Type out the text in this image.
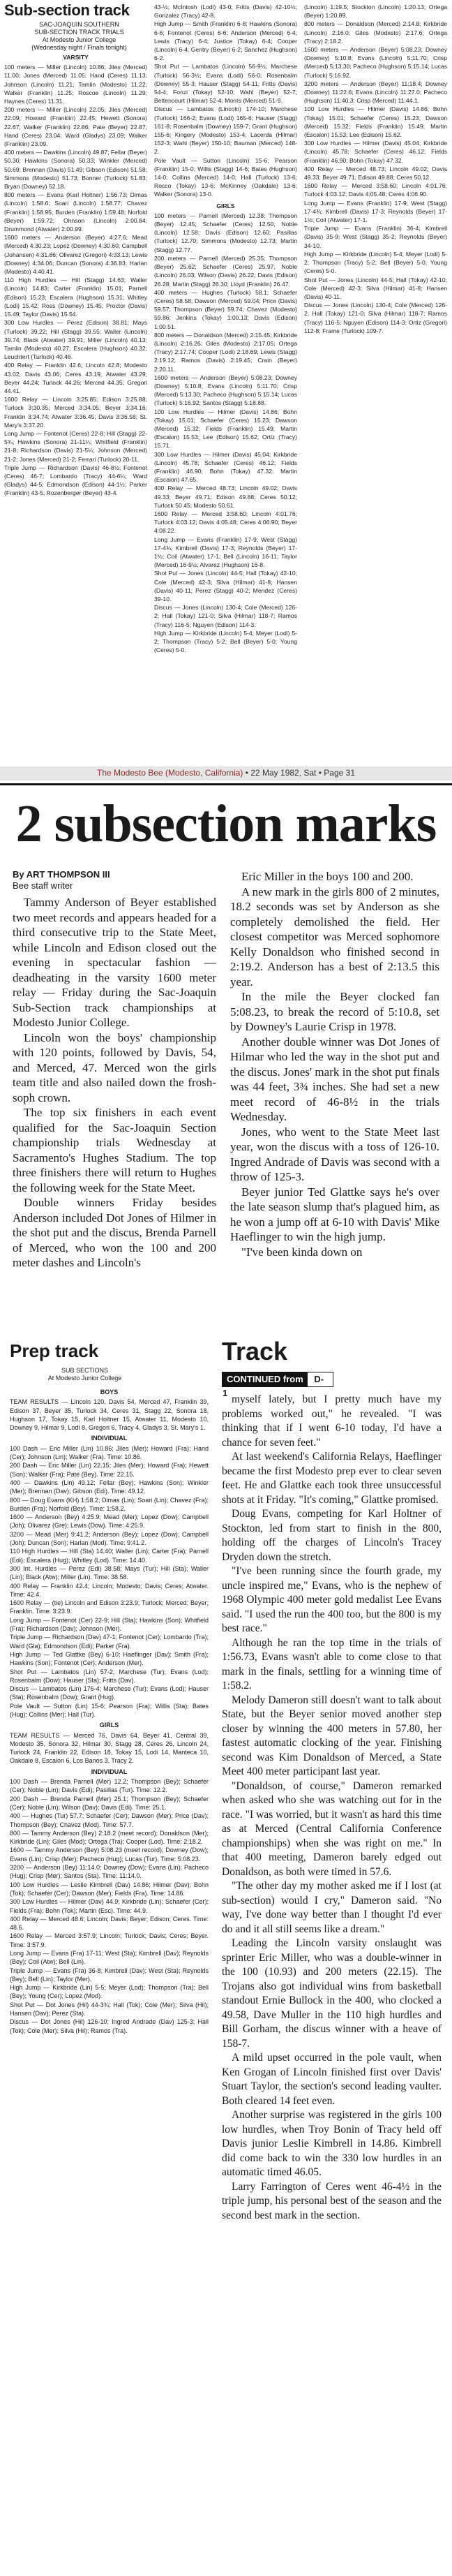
Sub-section track
SAC-JOAQUIN SOUTHERN
SUB-SECTION TRACK TRIALS
At Modesto Junior College
(Wednesday night / Finals tonight)
VARSITY
100 meters — Miller (Lincoln) 10.86; Jiles (Merced) 11.00; Jones (Merced) 11.05; Hand (Ceres) 11.13; Johnson (Lincoln) 11.21; Tamlin (Modesto) 11.22; Walker (Franklin) 11.25; Roscoe (Lincoln) 11.29; Haynes (Ceres) 11.31.
200 meters — Miller (Lincoln) 22.05; Jiles (Merced) 22.09; Howard (Franklin) 22.45; Hewett (Sonora) 22.67; Walker (Franklin) 22.86; Pate (Beyer) 22.87; Hand (Ceres) 23.04; Ward (Gladys) 23.09; Walker (Franklin) 23.09.
400 meters — Dawkins (Lincoln) 49.87; Fellar (Beyer) 50.30; Hawkins (Sonora) 50.33; Winkler (Merced) 50.69; Brennan (Davis) 51.49; Gibson (Edison) 51.58; Simmons (Modesto) 51.73; Bonner (Turlock) 51.83; Bryan (Downey) 52.18.
800 meters — Evans (Karl Holtner) 1:56.73; Dimas (Lincoln) 1:58.6; Soari (Lincoln) 1:58.77; Chavez (Franklin) 1:58.95; Burden (Franklin) 1:59.48; Norfold (Beyer) 1:59.72; Ohnson (Lincoln) 2:00.84; Drummond (Atwater) 2:00.99.
1600 meters — Anderson (Beyer) 4:27.6; Mead (Merced) 4:30.23; Lopez (Downey) 4:30.60; Campbell (Johansen) 4:31.86; Olivarez (Gregori) 4:33.13; Lewis (Downey) 4:34.06; Duncan (Sonora) 4:36.83; Harlan (Modesto) 4:40.41.
110 High Hurdles — Hill (Stagg) 14.63; Waller (Lincoln) 14.83; Carter (Franklin) 15.01; Parnell (Edison) 15.23; Escalera (Hughson) 15.31; Whitley (Lodi) 15.42; Ross (Downey) 15.45; Proctor (Davis) 15.49; Taylor (Davis) 15.54.
300 Low Hurdles — Perez (Edison) 38.81; Mays (Turlock) 39.22; Hill (Stagg) 39.55; Waller (Lincoln) 39.74; Black (Atwater) 39.91; Miller (Lincoln) 40.13; Tamlin (Modesto) 40.27; Escalera (Hughson) 40.32; Leuchtert (Turlock) 40.46.
400 Relay — Franklin 42.6; Lincoln 42.8; Modesto 43.02; Davis 43.06; Ceres 43.19; Atwater 43.29; Beyer 44.24; Turlock 44.26; Merced 44.35; Gregori 44.41.
1600 Relay — Lincoln 3:25.85; Edison 3:25.88; Turlock 3:30.35; Merced 3:34.05; Beyer 3:34.16; Franklin 3:34.74; Atwater 3:36.45; Davis 3:36.58; St. Mary's 3:37.20.
Long Jump — Fontenot (Ceres) 22-8; Hill (Stagg) 22-5¾; Hawkins (Sonora) 21-11¼; Whitfield (Franklin) 21-8; Richardson (Davis) 21-5¼; Johnson (Merced) 21-2; Jones (Merced) 21-2; Ferrari (Turlock) 20-11.
Triple Jump — Richardson (Davis) 46-8½; Fontenot (Ceres) 46-7; Lombardo (Tracy) 44-6¼; Ward (Gladys) 44-5; Edmondson (Edison) 44-1½; Parker (Franklin) 43-5; Rozenberger (Beyer) 43-4.
43-½; McIntosh (Lodi) 43-0; Fritts (Davis) 42-10½; Gonzalez (Tracy) 42-8.
High Jump — Smith (Franklin) 6-8; Hawkins (Sonora) 6-6; Fontenot (Ceres) 6-6; Anderson (Merced) 6-4; Lewis (Tracy) 6-4; Justice (Tokay) 6-4; Cooper (Lincoln) 6-4; Gentry (Beyer) 6-2; Sanchez (Hughson) 6-2.
Shot Put — Lambatos (Lincoln) 56-9½; Marchese (Turlock) 56-3½; Evans (Lodi) 56-0; Rosenbalm (Downey) 55-3; Hauser (Stagg) 54-11; Fritts (Davis) 54-4; Fonzi (Tokay) 52-10; Wahl (Beyer) 52-7; Bettencourt (Hilmar) 52-4; Morris (Merced) 51-9.
Discus — Lambatos (Lincoln) 174-10; Marchese (Turlock) 166-2; Evans (Lodi) 165-6; Hauser (Stagg) 161-8; Rosenbalm (Downey) 159-7; Grant (Hughson) 155-6; Kingery (Modesto) 153-4; Lacerda (Hilmar) 152-3; Wahl (Beyer) 150-10; Bauman (Merced) 148-2.
Pole Vault — Sutton (Lincoln) 15-6; Pearson (Franklin) 15-0; Willis (Stagg) 14-6; Bates (Hughson) 14-0; Collins (Merced) 14-0; Hall (Turlock) 13-6; Rocco (Tokay) 13-6; McKinney (Oakdale) 13-6; Walker (Sonora) 13-0.
GIRLS
100 meters — Parnell (Merced) 12.38; Thompson (Beyer) 12.45; Schaefer (Ceres) 12.50; Noble (Lincoln) 12.58; Davis (Edison) 12.60; Pasillas (Turlock) 12.70; Simmons (Modesto) 12.73; Martin (Stagg) 12.77.
200 meters — Parnell (Merced) 25.35; Thompson (Beyer) 25.62; Schaefer (Ceres) 25.97; Noble (Lincoln) 26.03; Wilson (Davis) 26.22; Davis (Edison) 26.28; Martin (Stagg) 26.30; Lloyd (Franklin) 26.47.
400 meters — Hughes (Turlock) 58.1; Schaefer (Ceres) 58.58; Dawson (Merced) 59.04; Price (Davis) 59.57; Thompson (Beyer) 59.74; Chavez (Modesto) 59.86; Jenkins (Tokay) 1:00.13; Davis (Edison) 1:00.51.
800 meters — Donaldson (Merced) 2:15.45; Kirkbride (Lincoln) 2:16.26; Giles (Modesto) 2:17.05; Ortega (Tracy) 2:17.74; Cooper (Lodi) 2:18.69; Lewis (Stagg) 2:19.12; Ramos (Davis) 2:19.45; Crain (Beyer) 2:20.11.
1600 meters — Anderson (Beyer) 5:08.23; Downey (Downey) 5:10.8; Evans (Lincoln) 5:11.70; Crisp (Merced) 5:13.30; Pacheco (Hughson) 5:15.14; Lucas (Turlock) 5:16.92; Santos (Stagg) 5:18.88.
100 Low Hurdles — Hilmer (Davis) 14.86; Bohn (Tokay) 15.01; Schaefer (Ceres) 15.23; Dawson (Merced) 15.32; Fields (Franklin) 15.49; Martin (Escalon) 15.53; Lee (Edison) 15.62; Ortiz (Tracy) 15.71.
300 Low Hurdles — Hilmer (Davis) 45.04; Kirkbride (Lincoln) 45.78; Schaefer (Ceres) 46.12; Fields (Franklin) 46.90; Bohn (Tokay) 47.32; Martin (Escalon) 47.65.
400 Relay — Merced 48.73; Lincoln 49.02; Davis 49.33; Beyer 49.71; Edison 49.88; Ceres 50.12; Turlock 50.45; Modesto 50.61.
1600 Relay — Merced 3:58.60; Lincoln 4:01.76; Turlock 4:03.12; Davis 4:05.48; Ceres 4:06.90; Beyer 4:08.22.
Long Jump — Evans (Franklin) 17-9; West (Stagg) 17-4¾; Kimbrell (Davis) 17-3; Reynolds (Beyer) 17-1½; Coil (Atwater) 17-1; Bell (Lincoln) 16-11; Taylor (Merced) 16-9½; Alvarez (Hughson) 16-8.
Shot Put — Jones (Lincoln) 44-5; Hall (Tokay) 42-10; Cole (Merced) 42-3; Silva (Hilmar) 41-8; Hansen (Davis) 40-11; Perez (Stagg) 40-2; Mendez (Ceres) 39-10.
Discus — Jones (Lincoln) 130-4; Cole (Merced) 126-2; Hall (Tokay) 121-0; Silva (Hilmar) 118-7; Ramos (Tracy) 116-5; Nguyen (Edison) 114-3.
High Jump — Kirkbride (Lincoln) 5-4; Meyer (Lodi) 5-2; Thompson (Tracy) 5-2; Bell (Beyer) 5-0; Young (Ceres) 5-0.
(Lincoln) 1:19.5; Stockton (Lincoln) 1:20.13; Ortega (Beyer) 1:20.89.
800 meters — Donaldson (Merced) 2:14.8; Kirkbride (Lincoln) 2:16.0; Giles (Modesto) 2:17.6; Ortega (Tracy) 2:18.2.
1600 meters — Anderson (Beyer) 5:08.23; Downey (Downey) 5:10.8; Evans (Lincoln) 5:11.70; Crisp (Merced) 5:13.30; Pacheco (Hughson) 5:15.14; Lucas (Turlock) 5:16.92.
3200 meters — Anderson (Beyer) 11:18.4; Downey (Downey) 11:22.6; Evans (Lincoln) 11:27.0; Pacheco (Hughson) 11:40.3; Crisp (Merced) 11:44.1.
100 Low Hurdles — Hilmer (Davis) 14.86; Bohn (Tokay) 15.01; Schaefer (Ceres) 15.23; Dawson (Merced) 15.32; Fields (Franklin) 15.49; Martin (Escalon) 15.53; Lee (Edison) 15.62.
300 Low Hurdles — Hilmer (Davis) 45.04; Kirkbride (Lincoln) 45.78; Schaefer (Ceres) 46.12; Fields (Franklin) 46.90; Bohn (Tokay) 47.32.
400 Relay — Merced 48.73; Lincoln 49.02; Davis 49.33; Beyer 49.71; Edison 49.88; Ceres 50.12.
1600 Relay — Merced 3:58.60; Lincoln 4:01.76; Turlock 4:03.12; Davis 4:05.48; Ceres 4:06.90.
Long Jump — Evans (Franklin) 17-9; West (Stagg) 17-4¾; Kimbrell (Davis) 17-3; Reynolds (Beyer) 17-1½; Coil (Atwater) 17-1.
Triple Jump — Evans (Franklin) 36-4; Kimbrell (Davis) 35-9; West (Stagg) 35-2; Reynolds (Beyer) 34-10.
High Jump — Kirkbride (Lincoln) 5-4; Meyer (Lodi) 5-2; Thompson (Tracy) 5-2; Bell (Beyer) 5-0; Young (Ceres) 5-0.
Shot Put — Jones (Lincoln) 44-5; Hall (Tokay) 42-10; Cole (Merced) 42-3; Silva (Hilmar) 41-8; Hansen (Davis) 40-11.
Discus — Jones (Lincoln) 130-4; Cole (Merced) 126-2; Hall (Tokay) 121-0; Silva (Hilmar) 118-7; Ramos (Tracy) 116-5; Nguyen (Edison) 114-3; Ortiz (Gregori) 112-8; Frame (Turlock) 109-7.
The Modesto Bee (Modesto, California) • 22 May 1982, Sat • Page 31
2 subsection marks
By ART THOMPSON III
Bee staff writer

Tammy Anderson of Beyer established two meet records and appears headed for a third consecutive trip to the State Meet, while Lincoln and Edison closed out the evening in spectacular fashion — deadheating in the varsity 1600 meter relay — Friday during the Sac-Joaquin Sub-Section track championships at Modesto Junior College.

Lincoln won the boys' championship with 120 points, followed by Davis, 54, and Merced, 47. Merced won the girls team title and also nailed down the frosh-soph crown.

The top six finishers in each event qualified for the Sac-Joaquin Section championship trials Wednesday at Sacramento's Hughes Stadium. The top three finishers there will return to Hughes the following week for the State Meet.

Double winners Friday besides Anderson included Dot Jones of Hilmer in the shot put and the discus, Brenda Parnell of Merced, who won the 100 and 200 meter dashes and Lincoln's

Eric Miller in the boys 100 and 200.

A new mark in the girls 800 of 2 minutes, 18.2 seconds was set by Anderson as she completely demolished the field. Her closest competitor was Merced sophomore Kelly Donaldson who finished second in 2:19.2. Anderson has a best of 2:13.5 this year.

In the mile the Beyer clocked fan 5:08.23, to break the record of 5:10.8, set by Downey's Laurie Crisp in 1978.

Another double winner was Dot Jones of Hilmar who led the way in the shot put and the discus. Jones' mark in the shot put finals was 44 feet, 3¾ inches. She had set a new meet record of 46-8½ in the trials Wednesday.

Jones, who went to the State Meet last year, won the discus with a toss of 126-10. Ingred Andrade of Davis was second with a throw of 125-3.

Beyer junior Ted Glattke says he's over the late season slump that's plagued him, as he won a jump off at 6-10 with Davis' Mike Haeflinger to win the high jump.

"I've been kinda down on

Prep track
SUB SECTIONS
At Modesto Junior College
BOYS
TEAM RESULTS — Lincoln 120, Davis 54, Merced 47, Franklin 39, Edison 37, Beyer 35, Turlock 34, Ceres 31, Stagg 22, Sonora 18, Hughson 17, Tokay 15, Karl Holtner 15, Atwater 11, Modesto 10, Downey 9, Hilmar 9, Lodi 8, Gregori 6, Tracy 4, Gladys 3, St. Mary's 1.
INDIVIDUAL
100 Dash — Eric Miller (Lin) 10.86; Jiles (Mer); Howard (Fra); Hand (Cer); Johnson (Lin); Walker (Fra). Time: 10.86.
200 Dash — Eric Miller (Lin) 22.15; Jiles (Mer); Howard (Fra); Hewett (Son); Walker (Fra); Pate (Bey). Time: 22.15.
400 — Dawkins (Lin) 49.12; Fellar (Bey); Hawkins (Son); Winkler (Mer); Brennan (Dav); Gibson (Edi). Time: 49.12.
800 — Doug Evans (KH) 1:58.2; Dimas (Lin); Soari (Lin); Chavez (Fra); Burden (Fra); Norfold (Bey). Time: 1:58.2.
1600 — Anderson (Bey) 4:25.9; Mead (Mer); Lopez (Dow); Campbell (Joh); Olivarez (Gre); Lewis (Dow). Time: 4:25.9.
3200 — Mead (Mer) 9:41.2; Anderson (Bey); Lopez (Dow); Campbell (Joh); Duncan (Son); Harlan (Mod). Time: 9:41.2.
110 High Hurdles — Hill (Sta) 14.40; Waller (Lin); Carter (Fra); Parnell (Edi); Escalera (Hug); Whitley (Lod). Time: 14.40.
300 Int. Hurdles — Perez (Edi) 38.58; Mays (Tur); Hill (Sta); Waller (Lin); Black (Atw); Miller (Lin). Time: 38.58.
400 Relay — Franklin 42.4; Lincoln; Modesto; Davis; Ceres; Atwater. Time: 42.4.
1600 Relay — (tie) Lincoln and Edison 3:23.9; Turlock; Merced; Beyer; Franklin. Time: 3:23.9.
Long Jump — Fontenot (Cer) 22-9; Hill (Sta); Hawkins (Son); Whitfield (Fra); Richardson (Dav); Johnson (Mer).
Triple Jump — Richardson (Dav) 47-1; Fontenot (Cer); Lombardo (Tra); Ward (Gla); Edmondson (Edi); Parker (Fra).
High Jump — Ted Glattke (Bey) 6-10; Haeflinger (Dav); Smith (Fra); Hawkins (Son); Fontenot (Cer); Anderson (Mer).
Shot Put — Lambatos (Lin) 57-2; Marchese (Tur); Evans (Lod); Rosenbalm (Dow); Hauser (Sta); Fritts (Dav).
Discus — Lambatos (Lin) 176-4; Marchese (Tur); Evans (Lod); Hauser (Sta); Rosenbalm (Dow); Grant (Hug).
Pole Vault — Sutton (Lin) 15-6; Pearson (Fra); Willis (Sta); Bates (Hug); Collins (Mer); Hall (Tur).
GIRLS
TEAM RESULTS — Merced 76, Davis 64, Beyer 41, Central 39, Modesto 35, Sonora 32, Hilmar 30, Stagg 28, Ceres 26, Lincoln 24, Turlock 24, Franklin 22, Edison 18, Tokay 15, Lodi 14, Manteca 10, Oakdale 8, Escalon 6, Los Banos 3, Tracy 2.
INDIVIDUAL
100 Dash — Brenda Parnell (Mer) 12.2; Thompson (Bey); Schaefer (Cer); Noble (Lin); Davis (Edi); Pasillas (Tur). Time: 12.2.
200 Dash — Brenda Parnell (Mer) 25.1; Thompson (Bey); Schaefer (Cer); Noble (Lin); Wilson (Dav); Davis (Edi). Time: 25.1.
400 — Hughes (Tur) 57.7; Schaefer (Cer); Dawson (Mer); Price (Dav); Thompson (Bey); Chavez (Mod). Time: 57.7.
800 — Tammy Anderson (Bey) 2:18.2 (meet record); Donaldson (Mer); Kirkbride (Lin); Giles (Mod); Ortega (Tra); Cooper (Lod). Time: 2:18.2.
1600 — Tammy Anderson (Bey) 5:08.23 (meet record); Downey (Dow); Evans (Lin); Crisp (Mer); Pacheco (Hug); Lucas (Tur). Time: 5:08.23.
3200 — Anderson (Bey) 11:14.0; Downey (Dow); Evans (Lin); Pacheco (Hug); Crisp (Mer); Santos (Sta). Time: 11:14.0.
100 Low Hurdles — Leslie Kimbrell (Dav) 14.86; Hilmer (Dav); Bohn (Tok); Schaefer (Cer); Dawson (Mer); Fields (Fra). Time: 14.86.
300 Low Hurdles — Hilmer (Dav) 44.9; Kirkbride (Lin); Schaefer (Cer); Fields (Fra); Bohn (Tok); Martin (Esc). Time: 44.9.
400 Relay — Merced 48.6; Lincoln; Davis; Beyer; Edison; Ceres. Time: 48.6.
1600 Relay — Merced 3:57.9; Lincoln; Turlock; Davis; Ceres; Beyer. Time: 3:57.9.
Long Jump — Evans (Fra) 17-11; West (Sta); Kimbrell (Dav); Reynolds (Bey); Coil (Atw); Bell (Lin).
Triple Jump — Evans (Fra) 36-8; Kimbrell (Dav); West (Sta); Reynolds (Bey); Bell (Lin); Taylor (Mer).
High Jump — Kirkbride (Lin) 5-5; Meyer (Lod); Thompson (Tra); Bell (Bey); Young (Cer); Lopez (Mod).
Shot Put — Dot Jones (Hil) 44-3¾; Hall (Tok); Cole (Mer); Silva (Hil); Hansen (Dav); Perez (Sta).
Discus — Dot Jones (Hil) 126-10; Ingred Andrade (Dav) 125-3; Hall (Tok); Cole (Mer); Silva (Hil); Ramos (Tra).
Track
CONTINUED from D-1

myself lately, but I pretty much have my problems worked out," he revealed. "I was thinking that if I went 6-10 today, I'd have a chance for seven feet."

At last weekend's California Relays, Haeflinger became the first Modesto prep ever to clear seven feet. He and Glattke each took three unsuccessful shots at it Friday. "It's coming," Glattke promised.

Doug Evans, competing for Karl Holtner of Stockton, led from start to finish in the 800, holding off the charges of Lincoln's Tracey Dryden down the stretch.

"I've been running since the fourth grade, my uncle inspired me," Evans, who is the nephew of 1968 Olympic 400 meter gold medalist Lee Evans said. "I used the run the 400 too, but the 800 is my best race."

Although he ran the top time in the trials of 1:56.73, Evans wasn't able to come close to that mark in the finals, settling for a winning time of 1:58.2.

Melody Dameron still doesn't want to talk about State, but the Beyer senior moved another step closer by winning the 400 meters in 57.80, her fastest automatic clocking of the year. Finishing second was Kim Donaldson of Merced, a State Meet 400 meter participant last year.

"Donaldson, of course," Dameron remarked when asked who she was watching out for in the race. "I was worried, but it wasn't as hard this time as at Merced (Central California Conference championships) when she was right on me." In that 400 meeting, Dameron barely edged out Donaldson, as both were timed in 57.6.

"The other day my mother asked me if I lost (at sub-section) would I cry," Dameron said. "No way, I've done way better than I thought I'd ever do and it all still seems like a dream."

Leading the Lincoln varsity onslaught was sprinter Eric Miller, who was a double-winner in the 100 (10.93) and 200 meters (22.15). The Trojans also got individual wins from basketball standout Ernie Bullock in the 400, who clocked a 49.58, Dave Muller in the 110 high hurdles and Bill Gorham, the discus winner with a heave of 158-7.

A mild upset occurred in the pole vault, when Ken Grogan of Lincoln finished first over Davis' Stuart Taylor, the section's second leading vaulter. Both cleared 14 feet even.

Another surprise was registered in the girls 100 low hurdles, when Troy Bonin of Tracy held off Davis junior Leslie Kimbrell in 14.86. Kimbrell did come back to win the 330 low hurdles in an automatic timed 46.05.

Larry Farrington of Ceres went 46-4½ in the triple jump, his personal best of the season and the second best mark in the section.
